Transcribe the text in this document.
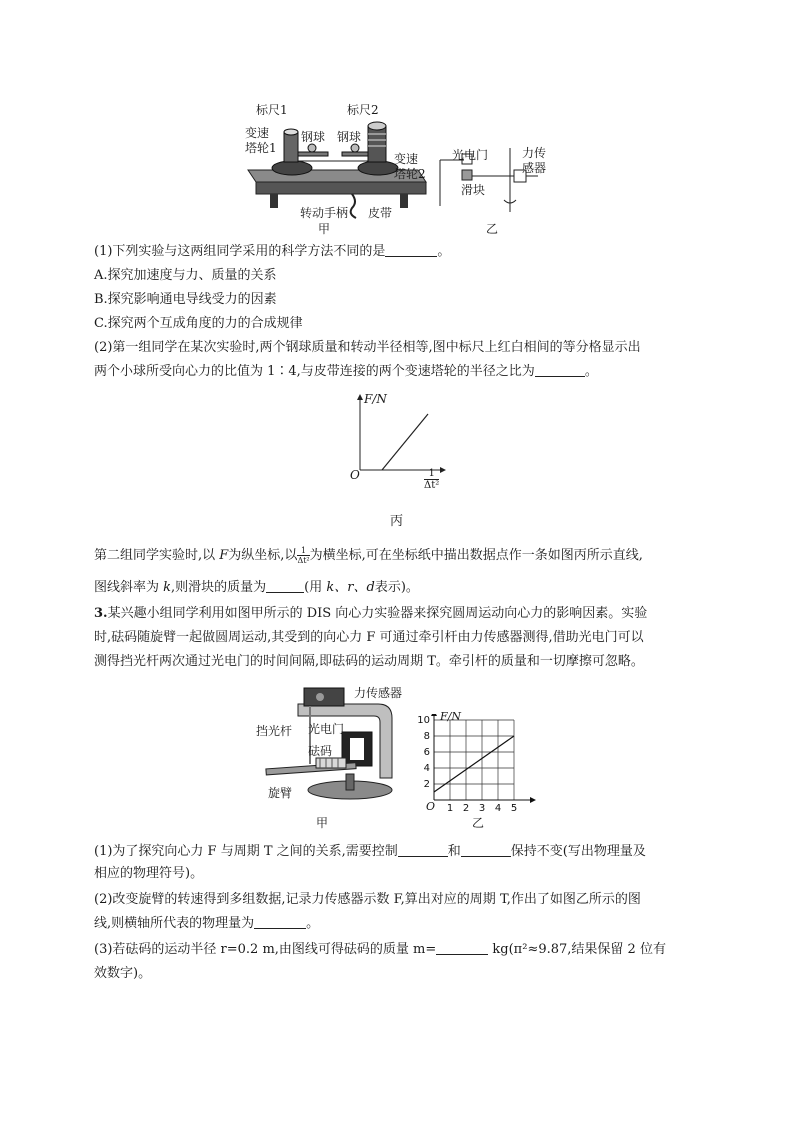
标尺1	标尺2
变速
塔轮1
钢球 钢球
变速
塔轮2
转动手柄 皮带
甲
光电门	力传
感器
滑块
乙
(1)下列实验与这两组同学采用的科学方法不同的是	。
A.探究加速度与力、质量的关系
B.探究影响通电导线受力的因素
C.探究两个互成角度的力的合成规律
(2)第一组同学在某次实验时,两个钢球质量和转动半径相等,图中标尺上红白相间的等分格显示出
两个小球所受向心力的比值为 1∶4,与皮带连接的两个变速塔轮的半径之比为	。
F/N
O	$\frac{1}{\text{Δt²}}$
丙
第二组同学实验时,以 F为纵坐标,以 $\frac{1}{\text{Δt²}}$ 为横坐标,可在坐标纸中描出数据点作一条如图丙所示直线,
图线斜率为 k,则滑块的质量为	(用 k、r、d表示)。
3.某兴趣小组同学利用如图甲所示的 DIS 向心力实验器来探究圆周运动向心力的影响因素。实验
时,砝码随旋臂一起做圆周运动,其受到的向心力 F 可通过牵引杆由力传感器测得,借助光电门可以
测得挡光杆两次通过光电门的时间间隔,即砝码的运动周期 T。牵引杆的质量和一切摩擦可忽略。
力传感器
挡光杆 光电门
砝码
旋臂
甲
1 2 3 4 5
2
4
6
8
10 F/N
O
乙
(1)为了探究向心力 F 与周期 T 之间的关系,需要控制	和	保持不变(写出物理量及
相应的物理符号)。
(2)改变旋臂的转速得到多组数据,记录力传感器示数 F,算出对应的周期 T,作出了如图乙所示的图
线,则横轴所代表的物理量为	。
(3)若砝码的运动半径 r=0.2 m,由图线可得砝码的质量 m=	kg(π²≈9.87,结果保留 2 位有
效数字)。
